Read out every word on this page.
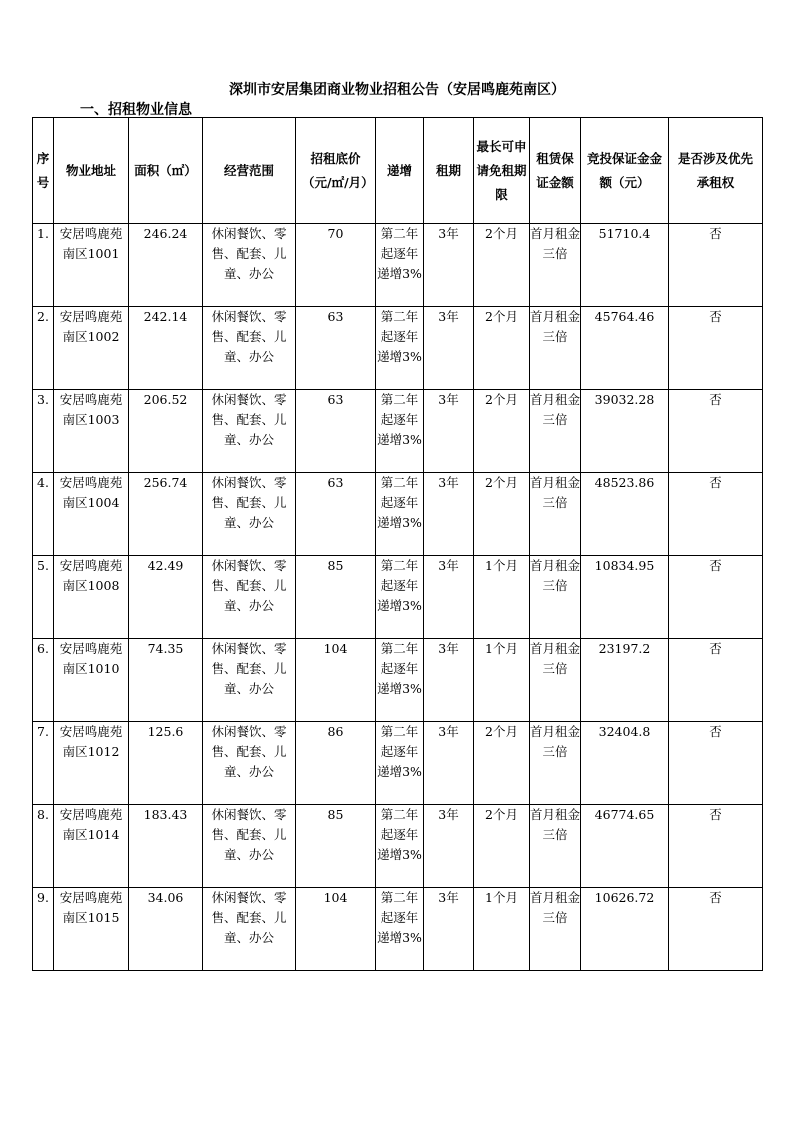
深圳市安居集团商业物业招租公告（安居鸣鹿苑南区）
一、招租物业信息
序号	物业地址	面积（㎡）	经营范围	招租底价（元/㎡/月）	递增	租期	最长可申请免租期限	租赁保证金额	竞投保证金金额（元）	是否涉及优先承租权
1.	安居鸣鹿苑南区1001	246.24	休闲餐饮、零售、配套、儿童、办公	70	第二年起逐年递增3%	3年	2个月	首月租金三倍	51710.4	否
2.	安居鸣鹿苑南区1002	242.14	休闲餐饮、零售、配套、儿童、办公	63	第二年起逐年递增3%	3年	2个月	首月租金三倍	45764.46	否
3.	安居鸣鹿苑南区1003	206.52	休闲餐饮、零售、配套、儿童、办公	63	第二年起逐年递增3%	3年	2个月	首月租金三倍	39032.28	否
4.	安居鸣鹿苑南区1004	256.74	休闲餐饮、零售、配套、儿童、办公	63	第二年起逐年递增3%	3年	2个月	首月租金三倍	48523.86	否
5.	安居鸣鹿苑南区1008	42.49	休闲餐饮、零售、配套、儿童、办公	85	第二年起逐年递增3%	3年	1个月	首月租金三倍	10834.95	否
6.	安居鸣鹿苑南区1010	74.35	休闲餐饮、零售、配套、儿童、办公	104	第二年起逐年递增3%	3年	1个月	首月租金三倍	23197.2	否
7.	安居鸣鹿苑南区1012	125.6	休闲餐饮、零售、配套、儿童、办公	86	第二年起逐年递增3%	3年	2个月	首月租金三倍	32404.8	否
8.	安居鸣鹿苑南区1014	183.43	休闲餐饮、零售、配套、儿童、办公	85	第二年起逐年递增3%	3年	2个月	首月租金三倍	46774.65	否
9.	安居鸣鹿苑南区1015	34.06	休闲餐饮、零售、配套、儿童、办公	104	第二年起逐年递增3%	3年	1个月	首月租金三倍	10626.72	否
